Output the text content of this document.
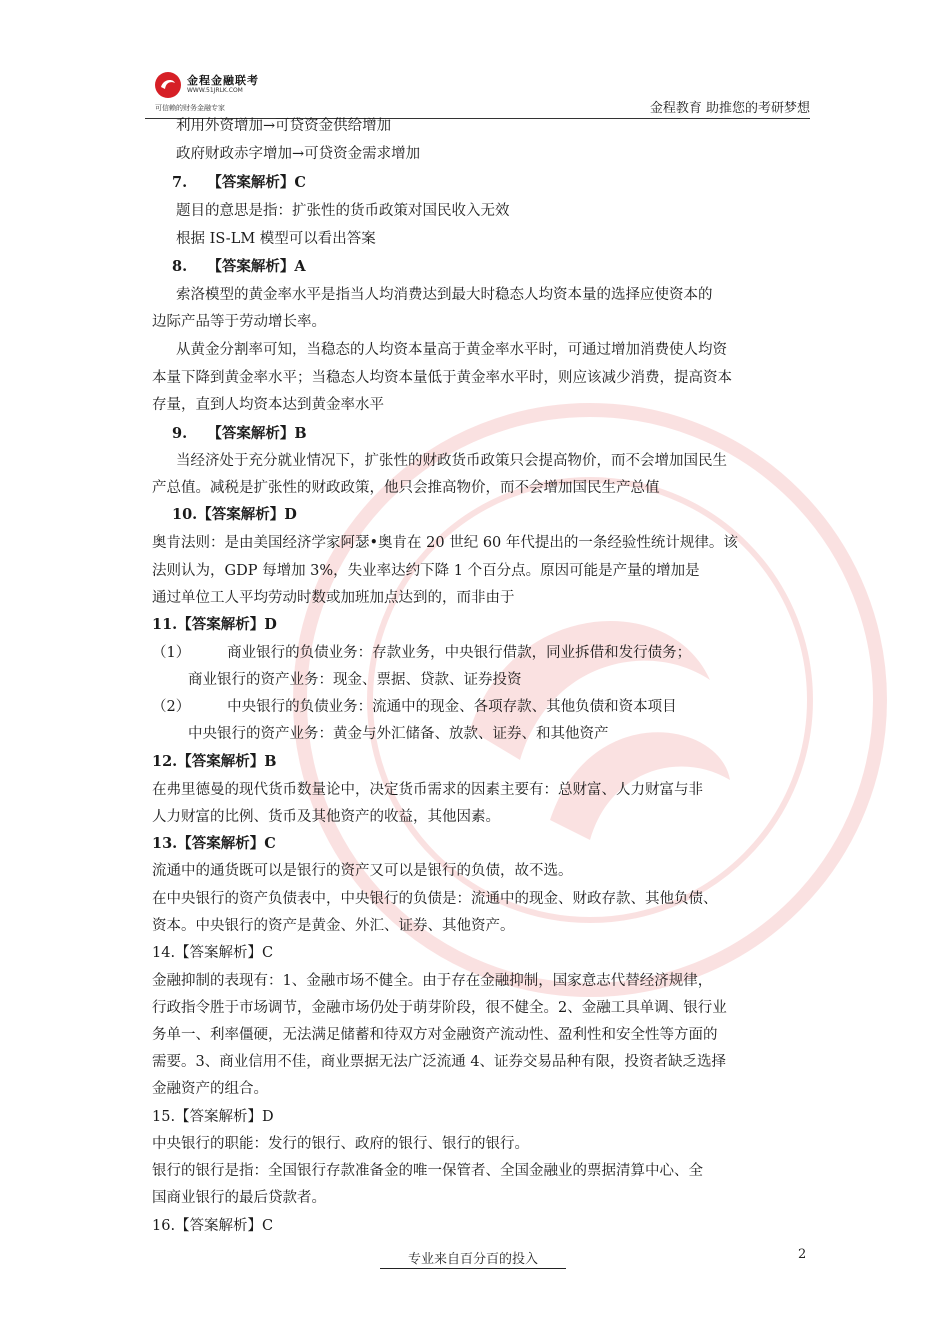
金程金融联考
WWW.51JRLK.COM
可信赖的财务金融专家	金程教育 助推您的考研梦想
利用外资增加→可贷资金供给增加
政府财政赤字增加→可贷资金需求增加
7.    【答案解析】C
题目的意思是指：扩张性的货币政策对国民收入无效
根据 IS-LM 模型可以看出答案
8.    【答案解析】A
索洛模型的黄金率水平是指当人均消费达到最大时稳态人均资本量的选择应使资本的
边际产品等于劳动增长率。
从黄金分割率可知，当稳态的人均资本量高于黄金率水平时，可通过增加消费使人均资
本量下降到黄金率水平；当稳态人均资本量低于黄金率水平时，则应该减少消费，提高资本
存量，直到人均资本达到黄金率水平
9.    【答案解析】B
当经济处于充分就业情况下，扩张性的财政货币政策只会提高物价，而不会增加国民生
产总值。减税是扩张性的财政政策，他只会推高物价，而不会增加国民生产总值
10.【答案解析】D
奥肯法则：是由美国经济学家阿瑟•奥肯在 20 世纪 60 年代提出的一条经验性统计规律。该
法则认为，GDP 每增加 3%，失业率达约下降 1 个百分点。原因可能是产量的增加是
通过单位工人平均劳动时数或加班加点达到的，而非由于
11.【答案解析】D
（1）        商业银行的负债业务：存款业务，中央银行借款，同业拆借和发行债务；
商业银行的资产业务：现金、票据、贷款、证券投资
（2）        中央银行的负债业务：流通中的现金、各项存款、其他负债和资本项目
中央银行的资产业务：黄金与外汇储备、放款、证券、和其他资产
12.【答案解析】B
在弗里德曼的现代货币数量论中，决定货币需求的因素主要有：总财富、人力财富与非
人力财富的比例、货币及其他资产的收益，其他因素。
13.【答案解析】C
流通中的通货既可以是银行的资产又可以是银行的负债，故不选。
在中央银行的资产负债表中，中央银行的负债是：流通中的现金、财政存款、其他负债、
资本。中央银行的资产是黄金、外汇、证券、其他资产。
14.【答案解析】C
金融抑制的表现有：1、金融市场不健全。由于存在金融抑制，国家意志代替经济规律，
行政指令胜于市场调节，金融市场仍处于萌芽阶段，很不健全。2、金融工具单调、银行业
务单一、利率僵硬，无法满足储蓄和待双方对金融资产流动性、盈利性和安全性等方面的
需要。3、商业信用不佳，商业票据无法广泛流通 4、证券交易品种有限，投资者缺乏选择
金融资产的组合。
15.【答案解析】D
中央银行的职能：发行的银行、政府的银行、银行的银行。
银行的银行是指：全国银行存款准备金的唯一保管者、全国金融业的票据清算中心、全
国商业银行的最后贷款者。
16.【答案解析】C
专业来自百分百的投入	2
